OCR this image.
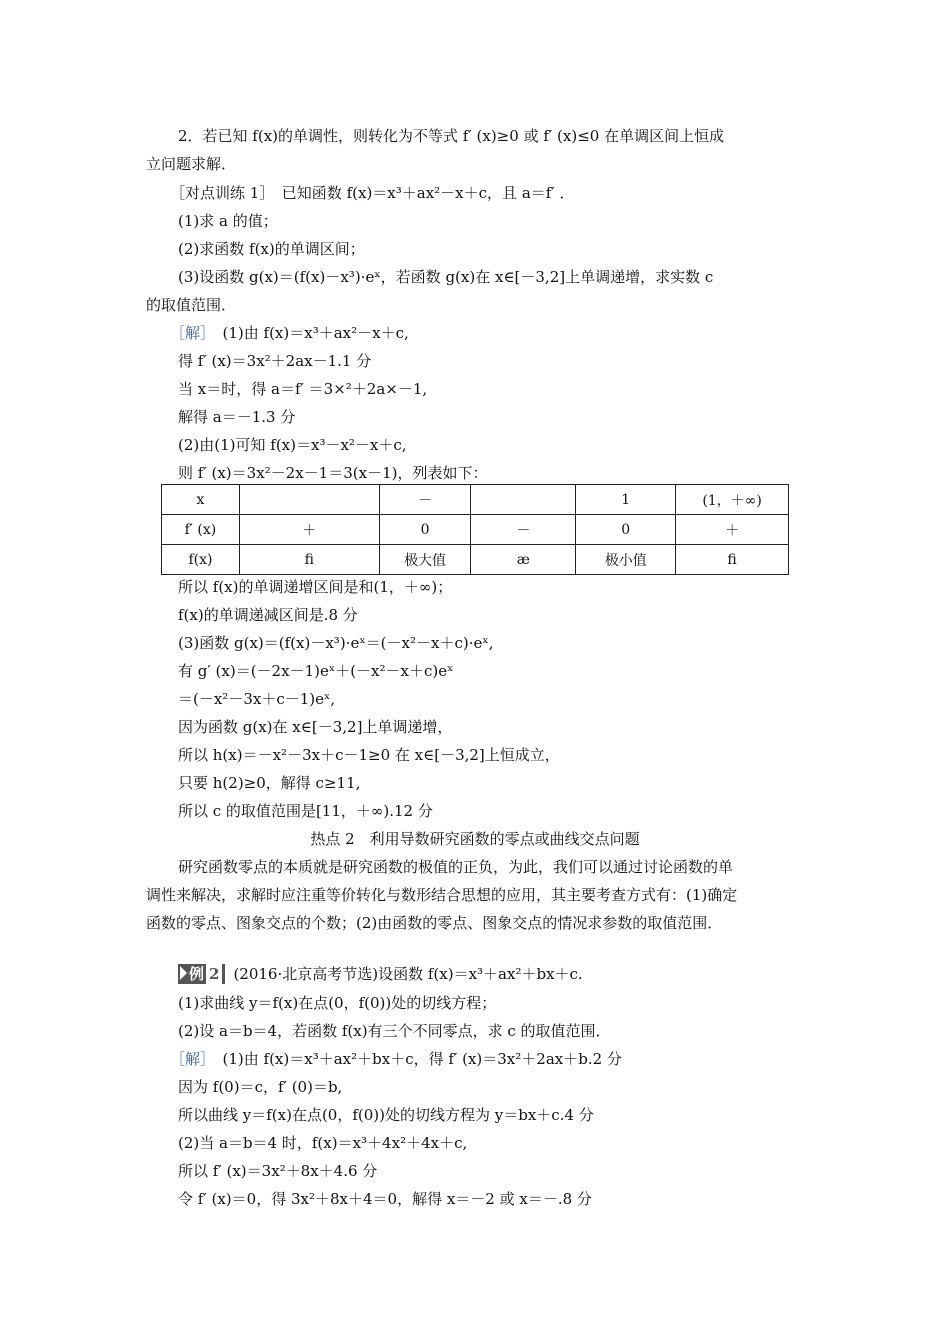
2．若已知 f(x)的单调性，则转化为不等式 f′ (x)≥0 或 f′ (x)≤0 在单调区间上恒成
立问题求解．
［对点训练 1］　已知函数 f(x)＝x³＋ax²－x＋c，且 a＝f′ ．
(1)求 a 的值；
(2)求函数 f(x)的单调区间；
(3)设函数 g(x)＝(f(x)－x³)·eˣ，若函数 g(x)在 x∈[－3,2]上单调递增，求实数 c
的取值范围．
［解］　(1)由 f(x)＝x³＋ax²－x＋c,
得 f′ (x)＝3x²＋2ax－1.1 分
当 x＝时，得 a＝f′ ＝3×²＋2a×－1,
解得 a＝－1.3 分
(2)由(1)可知 f(x)＝x³－x²－x＋c,
则 f′ (x)＝3x²－2x－1＝3(x－1)，列表如下：
x		－		1	(1，＋∞)
f′ (x)	＋	0	－	0	＋
f(x)	ﬁ	极大值	æ	极小值	ﬁ
所以 f(x)的单调递增区间是和(1，＋∞)；
f(x)的单调递减区间是.8 分
(3)函数 g(x)＝(f(x)－x³)·eˣ＝(－x²－x＋c)·eˣ,
有 g′ (x)＝(－2x－1)eˣ＋(－x²－x＋c)eˣ
＝(－x²－3x＋c－1)eˣ,
因为函数 g(x)在 x∈[－3,2]上单调递增，
所以 h(x)＝－x²－3x＋c－1≥0 在 x∈[－3,2]上恒成立，
只要 h(2)≥0，解得 c≥11,
所以 c 的取值范围是[11，＋∞).12 分
热点 2　利用导数研究函数的零点或曲线交点问题
研究函数零点的本质就是研究函数的极值的正负，为此，我们可以通过讨论函数的单
调性来解决，求解时应注重等价转化与数形结合思想的应用，其主要考查方式有：(1)确定
函数的零点、图象交点的个数；(2)由函数的零点、图象交点的情况求参数的取值范围．
例 2 (2016·北京高考节选)设函数 f(x)＝x³＋ax²＋bx＋c.
(1)求曲线 y＝f(x)在点(0，f(0))处的切线方程；
(2)设 a＝b＝4，若函数 f(x)有三个不同零点，求 c 的取值范围．
［解］　(1)由 f(x)＝x³＋ax²＋bx＋c，得 f′ (x)＝3x²＋2ax＋b.2 分
因为 f(0)＝c，f′ (0)＝b,
所以曲线 y＝f(x)在点(0，f(0))处的切线方程为 y＝bx＋c.4 分
(2)当 a＝b＝4 时，f(x)＝x³＋4x²＋4x＋c,
所以 f′ (x)＝3x²＋8x＋4.6 分
令 f′ (x)＝0，得 3x²＋8x＋4＝0，解得 x＝－2 或 x＝－.8 分
